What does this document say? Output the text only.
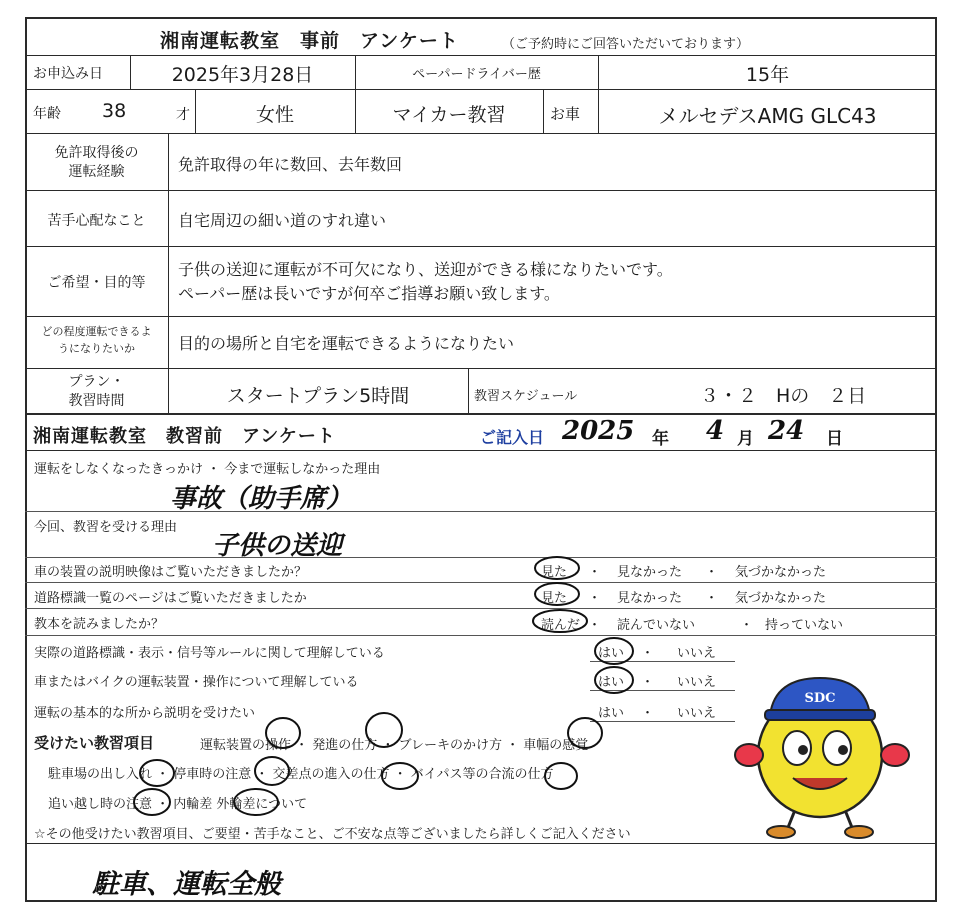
湘南運転教室　事前　アンケート	（ご予約時にご回答いただいております）
お申込み日	2025年3月28日	ペーパードライバー歴	15年
年齢 38	才	女性	マイカー教習	お車	メルセデスAMG GLC43
免許取得後の
運転経験	免許取得の年に数回、去年数回
苦手心配なこと	自宅周辺の細い道のすれ違い
ご希望・目的等
子供の送迎に運転が不可欠になり、送迎ができる様になりたいです。
ペーパー歴は長いですが何卒ご指導お願い致します。
どの程度運転できるよ
うになりたいか	目的の場所と自宅を運転できるようになりたい
プラン・
教習時間	スタートプラン5時間	教習スケジュール	３・２　Hの　２日
湘南運転教室　教習前　アンケート	ご記入日 2025 年 4 月 24 日
運転をしなくなったきっかけ ・ 今まで運転しなかった理由
事故（助手席）
今回、教習を受ける理由
子供の送迎
車の装置の説明映像はご覧いただきましたか？	見た ・ 見なかった ・ 気づかなかった
道路標識一覧のページはご覧いただきましたか	見た ・ 見なかった ・ 気づかなかった
教本を読みましたか？	読んだ ・ 読んでいない	・ 持っていない
実際の道路標識・表示・信号等ルールに関して理解している	はい ・ いいえ
車またはバイクの運転装置・操作について理解している	はい ・ いいえ
運転の基本的な所から説明を受けたい	はい ・ いいえ
受けたい教習項目	運転装置の操作 ・ 発進の仕方 ・ ブレーキのかけ方 ・ 車幅の感覚
駐車場の出し入れ ・ 停車時の注意 ・ 交差点の進入の仕方 ・ バイパス等の合流の仕方
追い越し時の注意 ・ 内輪差 外輪差について
☆その他受けたい教習項目、ご要望・苦手なこと、ご不安な点等ございましたら詳しくご記入ください
駐車、運転全般
SDC
